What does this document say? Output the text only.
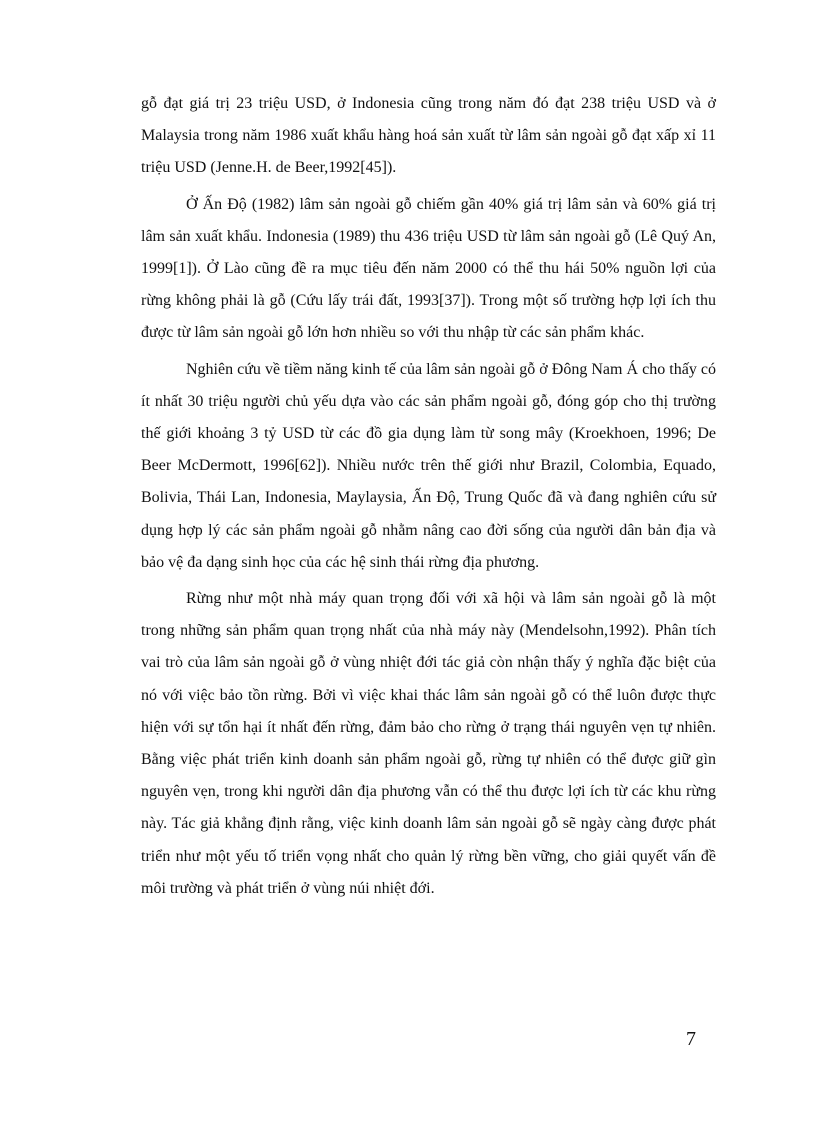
gỗ đạt giá trị 23 triệu USD, ở Indonesia cũng trong năm đó đạt 238 triệu USD và ở Malaysia trong năm 1986 xuất khẩu hàng hoá sản xuất từ lâm sản ngoài gỗ đạt xấp xỉ 11 triệu USD (Jenne.H. de Beer,1992[45]).

Ở Ấn Độ (1982) lâm sản ngoài gỗ chiếm gần 40% giá trị lâm sản và 60% giá trị lâm sản xuất khẩu. Indonesia (1989) thu 436 triệu USD từ lâm sản ngoài gỗ (Lê Quý An, 1999[1]). Ở Lào cũng đề ra mục tiêu đến năm 2000 có thể thu hái 50% nguồn lợi của rừng không phải là gỗ (Cứu lấy trái đất, 1993[37]). Trong một số trường hợp lợi ích thu được từ lâm sản ngoài gỗ lớn hơn nhiều so với thu nhập từ các sản phẩm khác.

Nghiên cứu về tiềm năng kinh tế của lâm sản ngoài gỗ ở Đông Nam Á cho thấy có ít nhất 30 triệu người chủ yếu dựa vào các sản phẩm ngoài gỗ, đóng góp cho thị trường thế giới khoảng 3 tỷ USD từ các đồ gia dụng làm từ song mây (Kroekhoen, 1996; De Beer McDermott, 1996[62]). Nhiều nước trên thế giới như Brazil, Colombia, Equado, Bolivia, Thái Lan, Indonesia, Maylaysia, Ấn Độ, Trung Quốc đã và đang nghiên cứu sử dụng hợp lý các sản phẩm ngoài gỗ nhằm nâng cao đời sống của người dân bản địa và bảo vệ đa dạng sinh học của các hệ sinh thái rừng địa phương.

Rừng như một nhà máy quan trọng đối với xã hội và lâm sản ngoài gỗ là một trong những sản phẩm quan trọng nhất của nhà máy này (Mendelsohn,1992). Phân tích vai trò của lâm sản ngoài gỗ ở vùng nhiệt đới tác giả còn nhận thấy ý nghĩa đặc biệt của nó với việc bảo tồn rừng. Bởi vì việc khai thác lâm sản ngoài gỗ có thể luôn được thực hiện với sự tổn hại ít nhất đến rừng, đảm bảo cho rừng ở trạng thái nguyên vẹn tự nhiên. Bằng việc phát triển kinh doanh sản phẩm ngoài gỗ, rừng tự nhiên có thể được giữ gìn nguyên vẹn, trong khi người dân địa phương vẫn có thể thu được lợi ích từ các khu rừng này. Tác giả khẳng định rằng, việc kinh doanh lâm sản ngoài gỗ sẽ ngày càng được phát triển như một yếu tố triển vọng nhất cho quản lý rừng bền vững, cho giải quyết vấn đề môi trường và phát triển ở vùng núi nhiệt đới.

7
